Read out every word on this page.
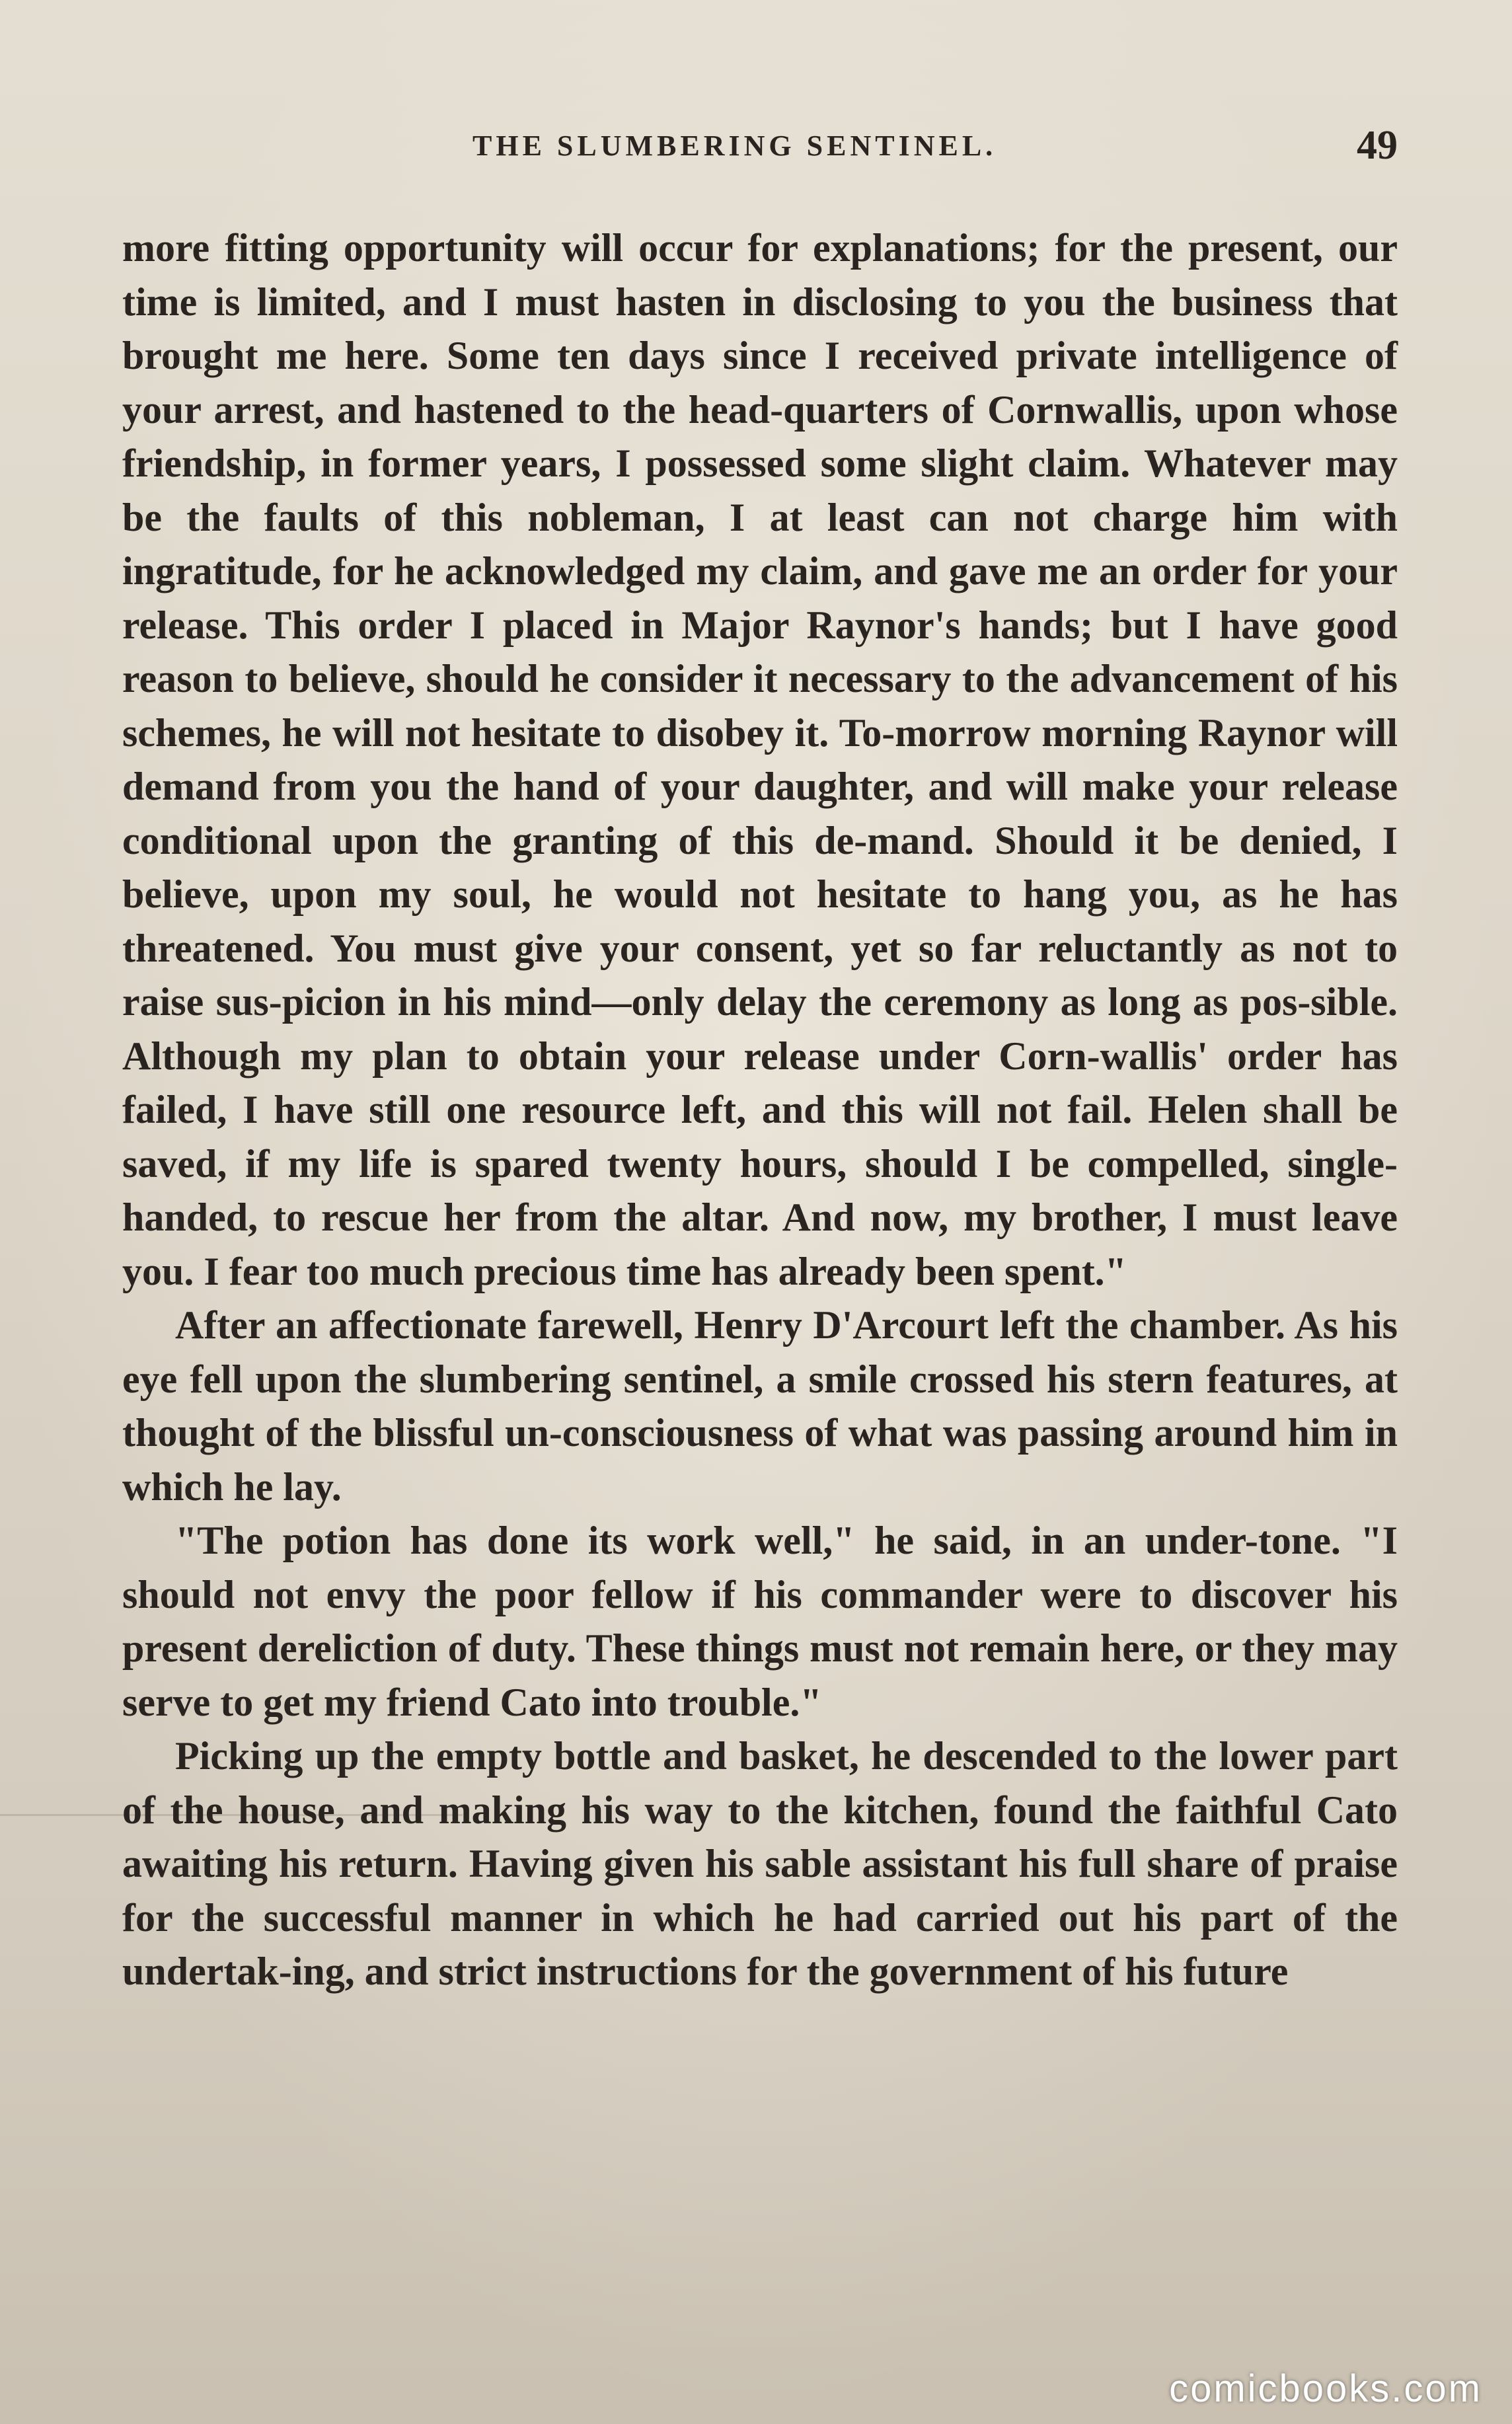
THE SLUMBERING SENTINEL.	49

more fitting opportunity will occur for explanations; for the present, our time is limited, and I must hasten in disclosing to you the business that brought me here. Some ten days since I received private intelligence of your arrest, and hastened to the head-quarters of Cornwallis, upon whose friendship, in former years, I possessed some slight claim. Whatever may be the faults of this nobleman, I at least can not charge him with ingratitude, for he acknowledged my claim, and gave me an order for your release. This order I placed in Major Raynor's hands; but I have good reason to believe, should he consider it necessary to the advancement of his schemes, he will not hesitate to disobey it. To-morrow morning Raynor will demand from you the hand of your daughter, and will make your release conditional upon the granting of this de-mand. Should it be denied, I believe, upon my soul, he would not hesitate to hang you, as he has threatened. You must give your consent, yet so far reluctantly as not to raise sus-picion in his mind—only delay the ceremony as long as pos-sible. Although my plan to obtain your release under Corn-wallis' order has failed, I have still one resource left, and this will not fail. Helen shall be saved, if my life is spared twenty hours, should I be compelled, single-handed, to rescue her from the altar. And now, my brother, I must leave you. I fear too much precious time has already been spent."

After an affectionate farewell, Henry D'Arcourt left the chamber. As his eye fell upon the slumbering sentinel, a smile crossed his stern features, at thought of the blissful un-consciousness of what was passing around him in which he lay.

"The potion has done its work well," he said, in an under-tone. "I should not envy the poor fellow if his commander were to discover his present dereliction of duty. These things must not remain here, or they may serve to get my friend Cato into trouble."

Picking up the empty bottle and basket, he descended to the lower part of the house, and making his way to the kitchen, found the faithful Cato awaiting his return. Having given his sable assistant his full share of praise for the successful manner in which he had carried out his part of the undertak-ing, and strict instructions for the government of his future

comicbooks.com
